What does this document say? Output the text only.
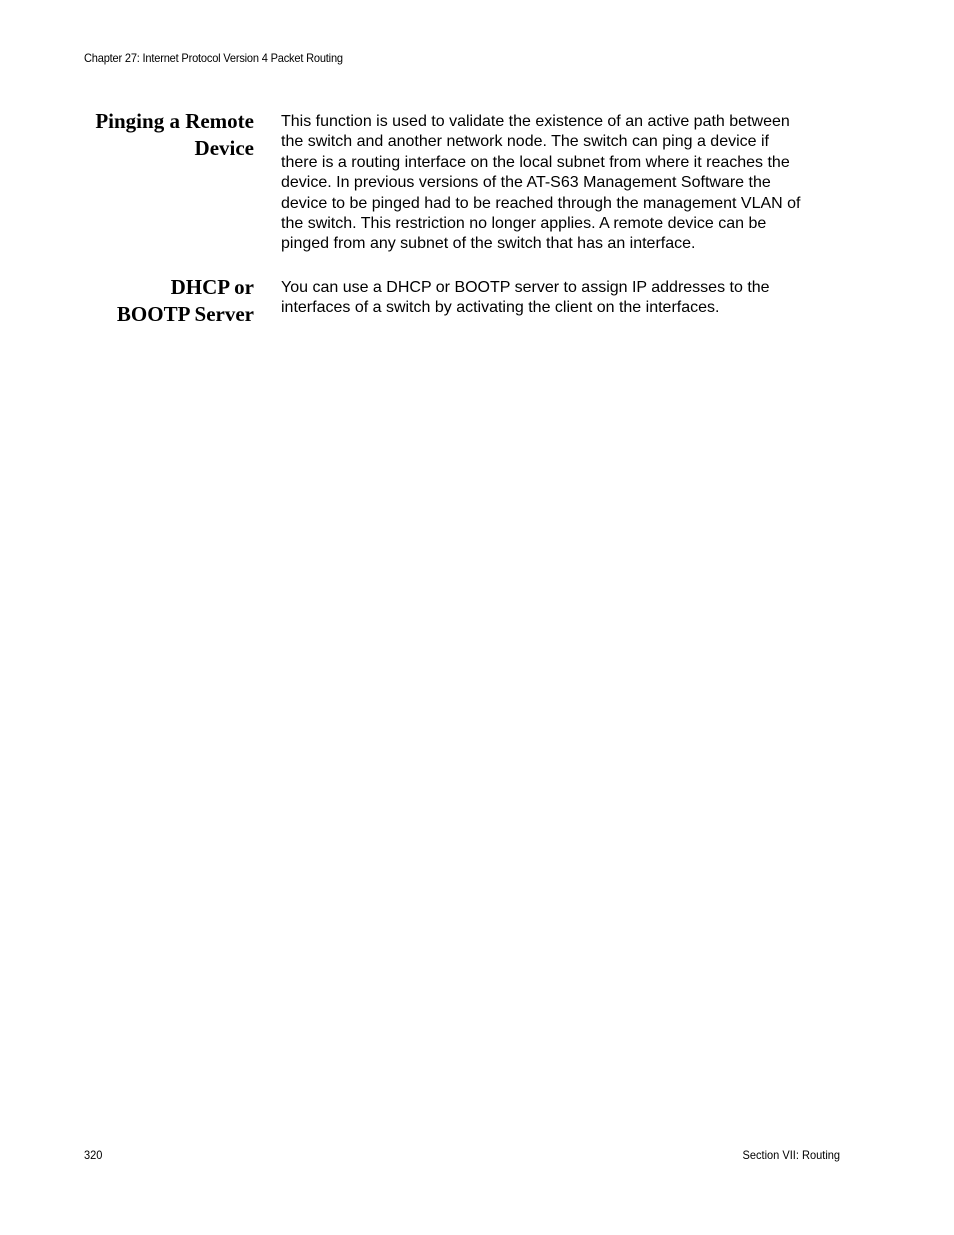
Chapter 27: Internet Protocol Version 4 Packet Routing
Pinging a Remote
Device

This function is used to validate the existence of an active path between
the switch and another network node. The switch can ping a device if
there is a routing interface on the local subnet from where it reaches the
device. In previous versions of the AT-S63 Management Software the
device to be pinged had to be reached through the management VLAN of
the switch. This restriction no longer applies. A remote device can be
pinged from any subnet of the switch that has an interface.

DHCP or
BOOTP Server

You can use a DHCP or BOOTP server to assign IP addresses to the
interfaces of a switch by activating the client on the interfaces.

320	Section VII: Routing
